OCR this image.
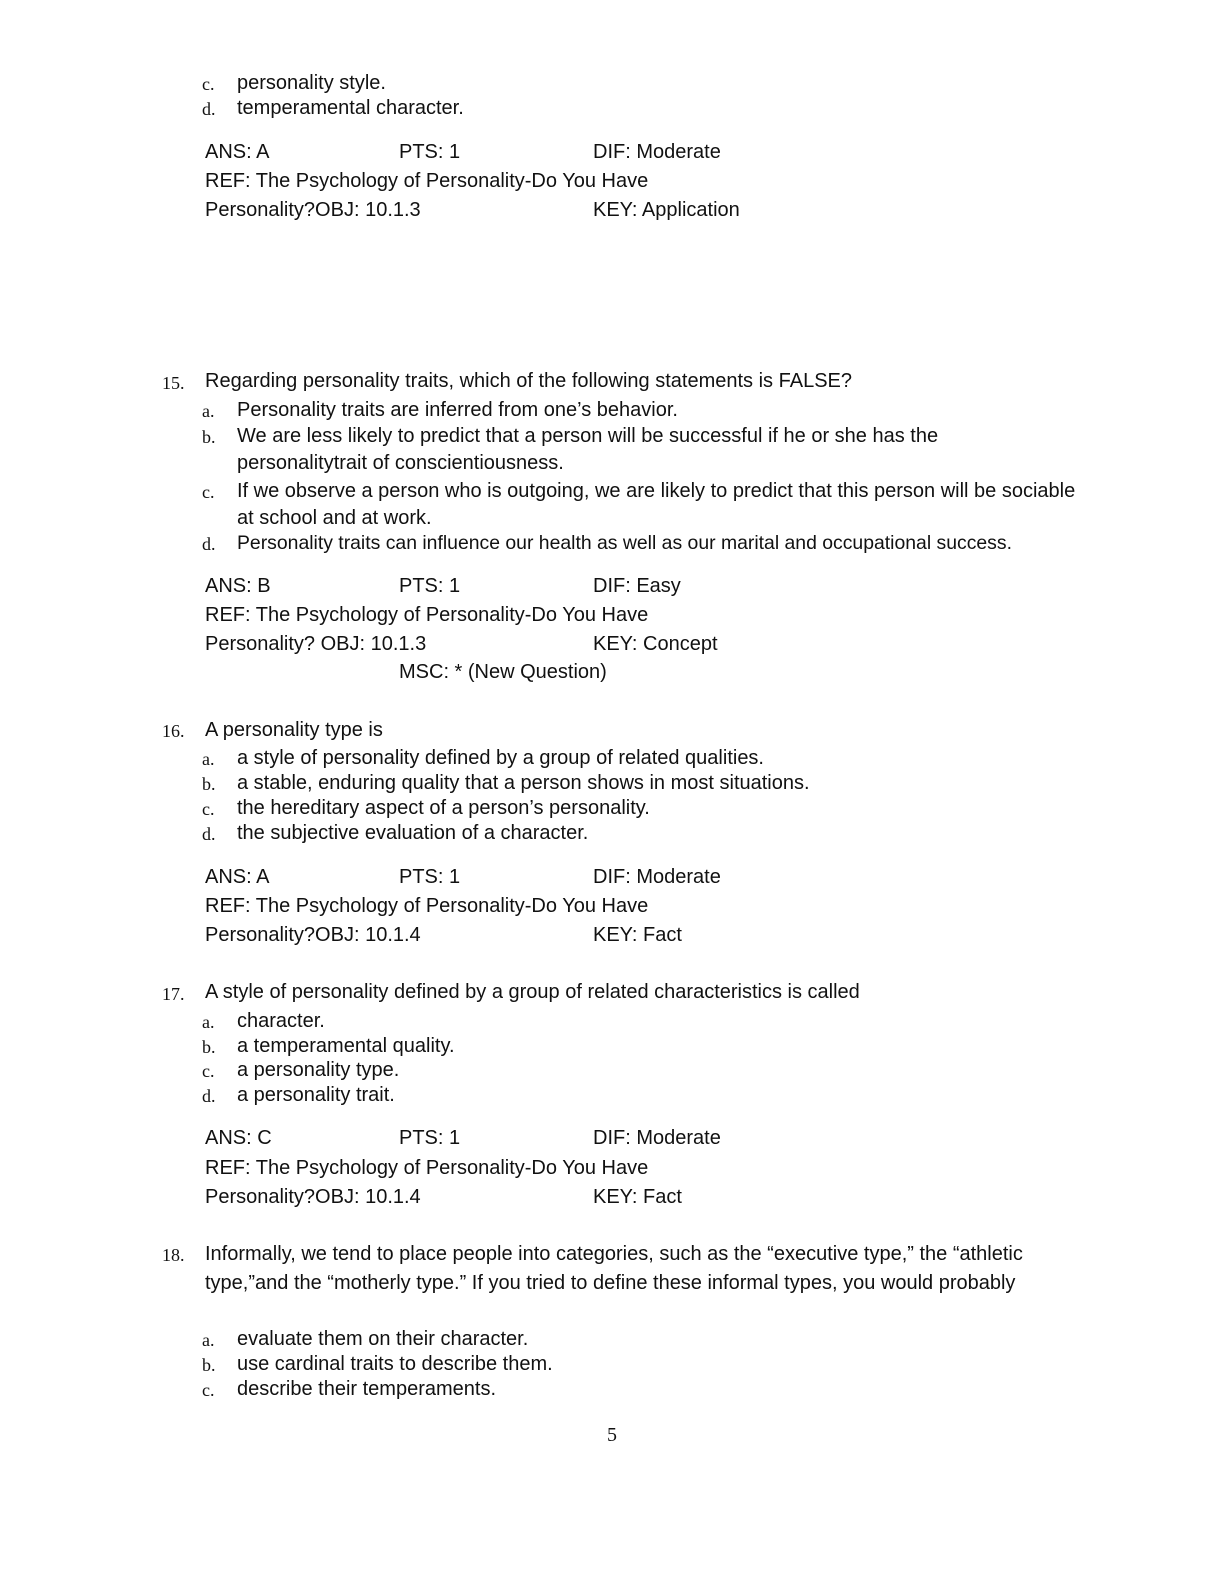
c. personality style.
d. temperamental character.
ANS: A	PTS: 1	DIF: Moderate
REF: The Psychology of Personality-Do You Have
Personality?OBJ: 10.1.3	KEY: Application
15.	Regarding personality traits, which of the following statements is FALSE?
a. Personality traits are inferred from one’s behavior.
b. We are less likely to predict that a person will be successful if he or she has the personalitytrait of conscientiousness.
c. If we observe a person who is outgoing, we are likely to predict that this person will be sociable at school and at work.
d. Personality traits can influence our health as well as our marital and occupational success.
ANS: B	PTS: 1	DIF: Easy
REF: The Psychology of Personality-Do You Have
Personality? OBJ: 10.1.3	KEY: Concept
MSC: * (New Question)
16.	A personality type is
a. a style of personality defined by a group of related qualities.
b. a stable, enduring quality that a person shows in most situations.
c. the hereditary aspect of a person’s personality.
d. the subjective evaluation of a character.
ANS: A	PTS: 1	DIF: Moderate
REF: The Psychology of Personality-Do You Have
Personality?OBJ: 10.1.4	KEY: Fact
17.	A style of personality defined by a group of related characteristics is called
a. character.
b. a temperamental quality.
c. a personality type.
d. a personality trait.
ANS: C	PTS: 1	DIF: Moderate
REF: The Psychology of Personality-Do You Have
Personality?OBJ: 10.1.4	KEY: Fact
18.	Informally, we tend to place people into categories, such as the “executive type,” the “athletic type,”and the “motherly type.” If you tried to define these informal types, you would probably
a. evaluate them on their character.
b. use cardinal traits to describe them.
c. describe their temperaments.
5
